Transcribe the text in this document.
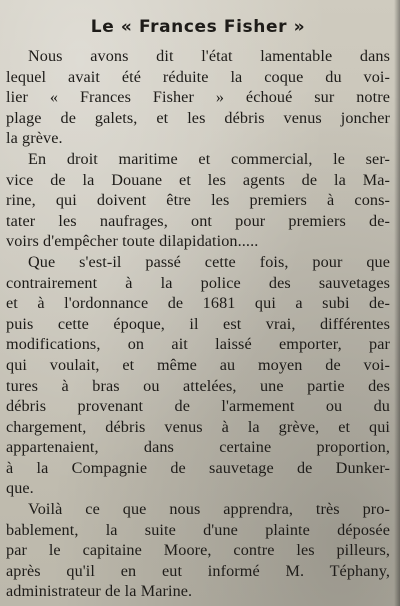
Le « Frances Fisher »

Nous avons dit l'état lamentable dans
lequel avait été réduite la coque du voi-
lier « Frances Fisher » échoué sur notre
plage de galets, et les débris venus joncher
la grève.

En droit maritime et commercial, le ser-
vice de la Douane et les agents de la Ma-
rine, qui doivent être les premiers à cons-
tater les naufrages, ont pour premiers de-
voirs d'empêcher toute dilapidation.....

Que s'est-il passé cette fois, pour que
contrairement à la police des sauvetages
et à l'ordonnance de 1681 qui a subi de-
puis cette époque, il est vrai, différentes
modifications, on ait laissé emporter, par
qui voulait, et même au moyen de voi-
tures à bras ou attelées, une partie des
débris provenant de l'armement ou du
chargement, débris venus à la grève, et qui
appartenaient, dans certaine proportion,
à la Compagnie de sauvetage de Dunker-
que.

Voilà ce que nous apprendra, très pro-
bablement, la suite d'une plainte déposée
par le capitaine Moore, contre les pilleurs,
après qu'il en eut informé M. Téphany,
administrateur de la Marine.
